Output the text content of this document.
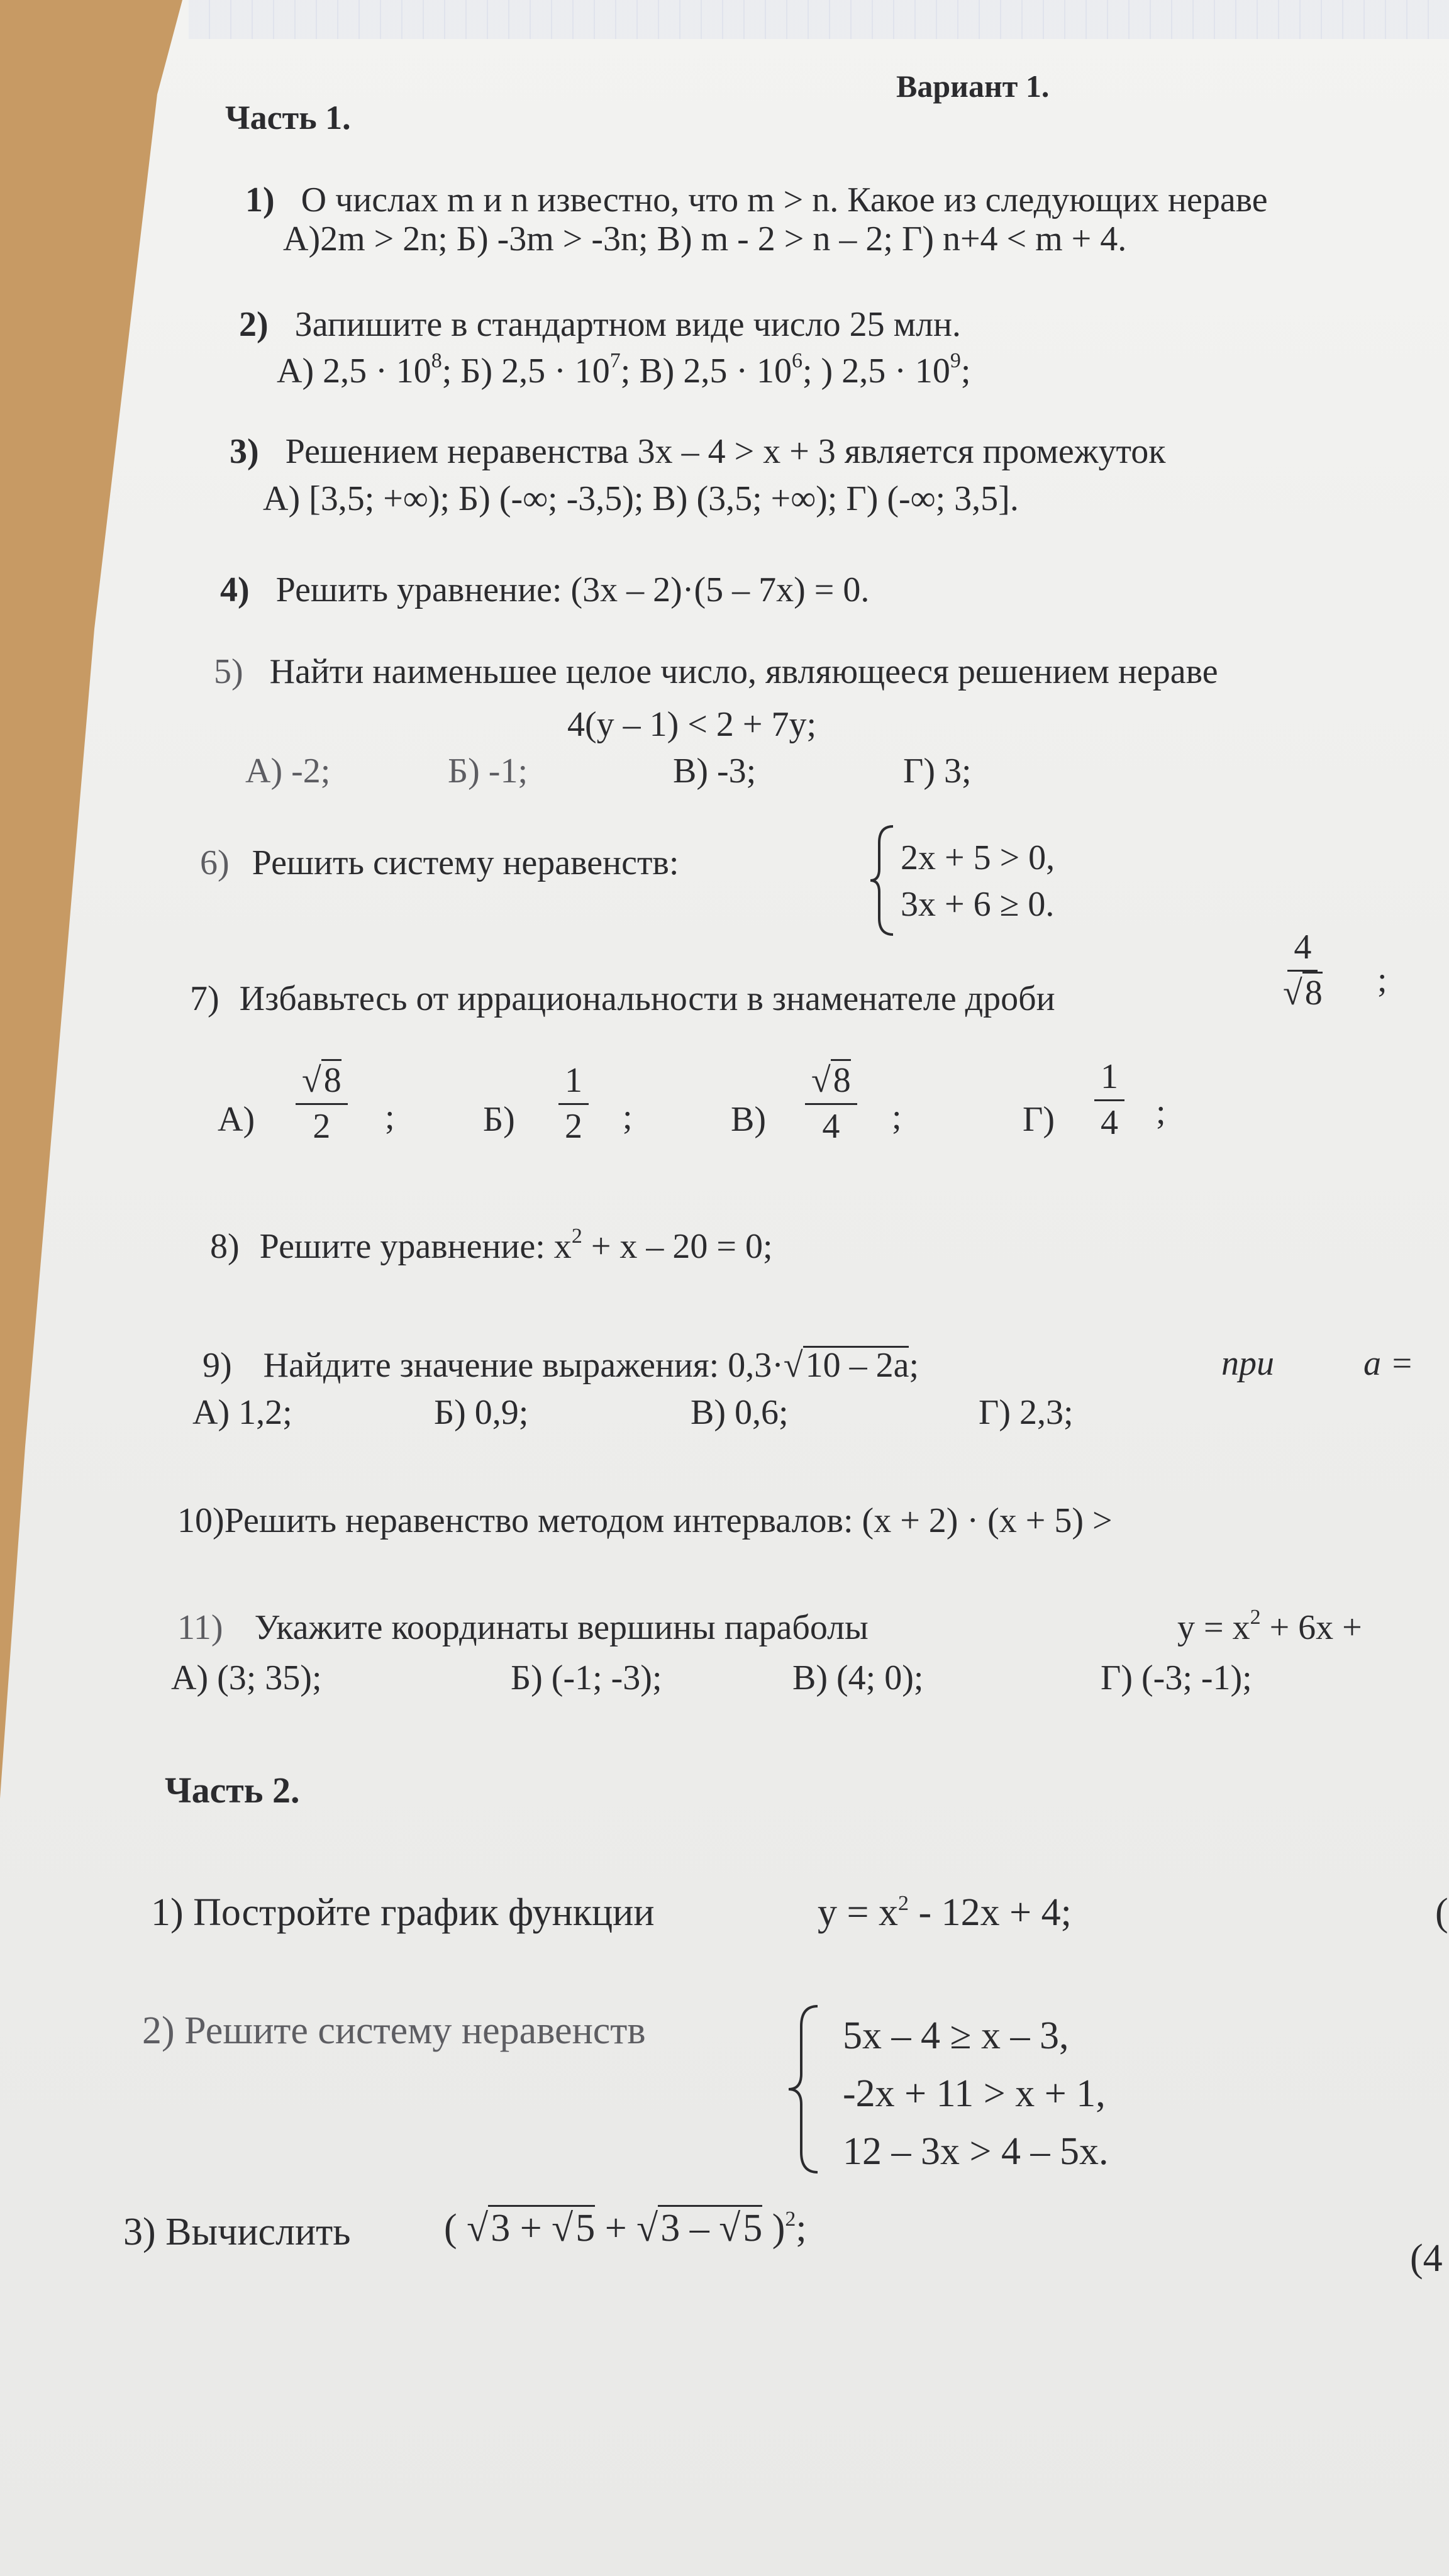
Вариант 1.
Часть 1.
1) О числах m и n известно, что m > n. Какое из следующих нераве
А)2m > 2n; Б) -3m > -3n; В) m - 2 > n – 2; Г) n+4 < m + 4.
2) Запишите в стандартном виде число 25 млн.
А) $2,5 \cdot 10^8$; Б) $2,5 \cdot 10^7$; В) $2,5 \cdot 10^6$; ) $2,5 \cdot 10^9$;
3) Решением неравенства 3x – 4 > x + 3 является промежуток
А) [3,5; +∞); Б) (-∞; -3,5); В) (3,5; +∞); Г) (-∞; 3,5].
4) Решить уравнение: (3x – 2)·(5 – 7x) = 0.
5) Найти наименьшее целое число, являющееся решением нераве
4(y – 1) < 2 + 7y;
А) -2;	Б) -1;	В) -3;	Г) 3;
6) Решить систему неравенств:	2x + 5 > 0,
3x + 6 ≥ 0.
7) Избавьтесь от иррациональности в знаменателе дроби	$\frac{4}{√8}$ ;
$А) \frac{√8}{2}$ ;	$Б) \frac{1}{2}$ ;	$В) \frac{√8}{4}$ ;	$Г) \frac{1}{4}$ ;
8) Решите уравнение: $x^2 + x - 20 = 0$;
9) Найдите значение выражения: 0,3·√10 – 2a;	при	a =
А) 1,2;	Б) 0,9;	В) 0,6;	Г) 2,3;
10)Решить неравенство методом интервалов: (x + 2) · (x + 5) >
11) Укажите координаты вершины параболы	$y = x^2 + 6x$ +
А) (3; 35);	Б) (-1; -3);	В) (4; 0);	Г) (-3; -1);
Часть 2.
1) Постройте график функции	$y = x^2 - 12x + 4$;	(
2) Решите систему неравенств	5x – 4 ≥ x – 3,
-2x + 11 > x + 1,
12 – 3x > 4 – 5x.
3) Вычислить ( √3 + √5 + √3 – √5 )$^2$;
(4
